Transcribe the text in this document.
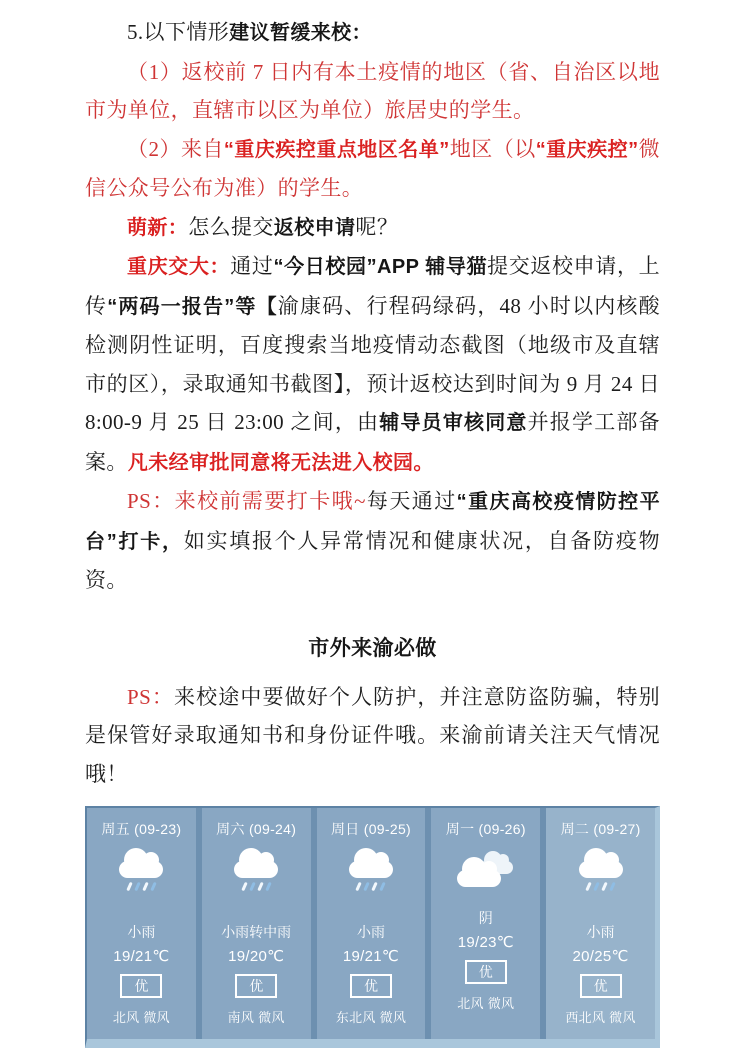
5.以下情形建议暂缓来校：

（1）返校前 7 日内有本土疫情的地区（省、自治区以地市为单位，直辖市以区为单位）旅居史的学生。

（2）来自“重庆疾控重点地区名单”地区（以“重庆疾控”微信公众号公布为准）的学生。

萌新：怎么提交返校申请呢？

重庆交大：通过“今日校园”APP 辅导猫提交返校申请，上传“两码一报告”等【渝康码、行程码绿码，48 小时以内核酸检测阴性证明，百度搜索当地疫情动态截图（地级市及直辖市的区），录取通知书截图】，预计返校达到时间为 9 月 24 日 8:00-9 月 25 日 23:00 之间，由辅导员审核同意并报学工部备案。凡未经审批同意将无法进入校园。

PS：来校前需要打卡哦~每天通过“重庆高校疫情防控平台”打卡，如实填报个人异常情况和健康状况，自备防疫物资。

市外来渝必做

PS：来校途中要做好个人防护，并注意防盗防骗，特别是保管好录取通知书和身份证件哦。来渝前请关注天气情况哦！

周五 (09-23)
小雨
19/21℃
优
北风 微风
周六 (09-24)
小雨转中雨
19/20℃
优
南风 微风
周日 (09-25)
小雨
19/21℃
优
东北风 微风
周一 (09-26)
阴
19/23℃
优
北风 微风
周二 (09-27)
小雨
20/25℃
优
西北风 微风
